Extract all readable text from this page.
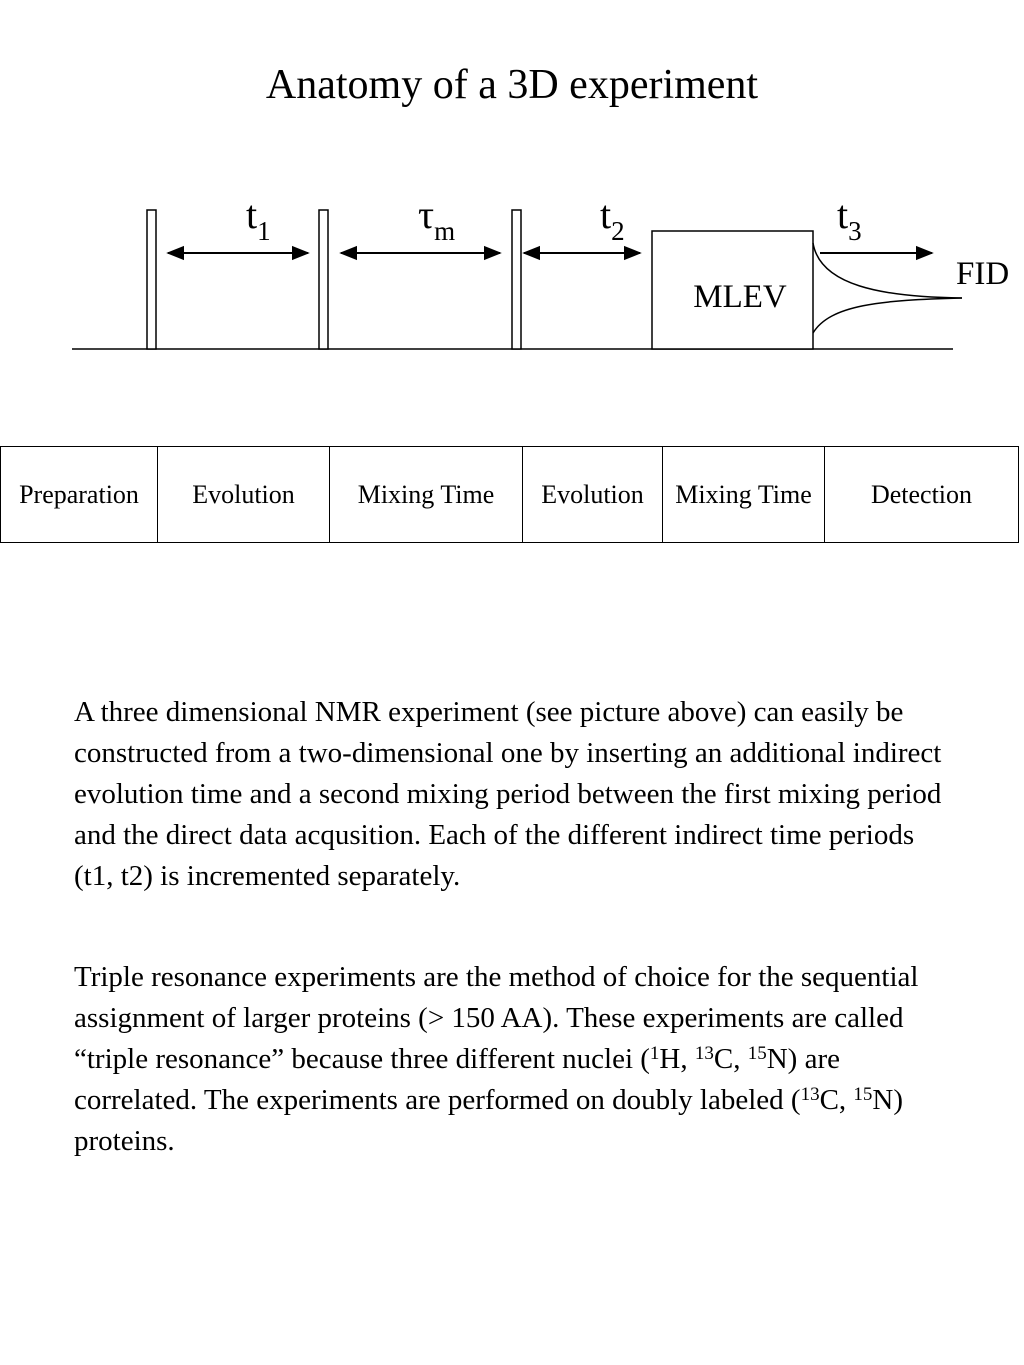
Anatomy of a 3D experiment
MLEV
$t_1$	$\tau_m$	$t_2$	$t_3$
FID
Preparation	Evolution	Mixing Time	Evolution	Mixing Time	Detection

A three dimensional NMR experiment (see picture above) can easily be constructed from a two-dimensional one by inserting an additional indirect evolution time and a second mixing period between the first mixing period and the direct data acqusition. Each of the different indirect time periods (t1, t2) is incremented separately.

Triple resonance experiments are the method of choice for the sequential assignment of larger proteins (> 150 AA). These experiments are called “triple resonance” because three different nuclei ($^1$H, $^{13}$C, $^{15}$N) are correlated. The experiments are performed on doubly labeled ($^{13}$C, $^{15}$N) proteins.
